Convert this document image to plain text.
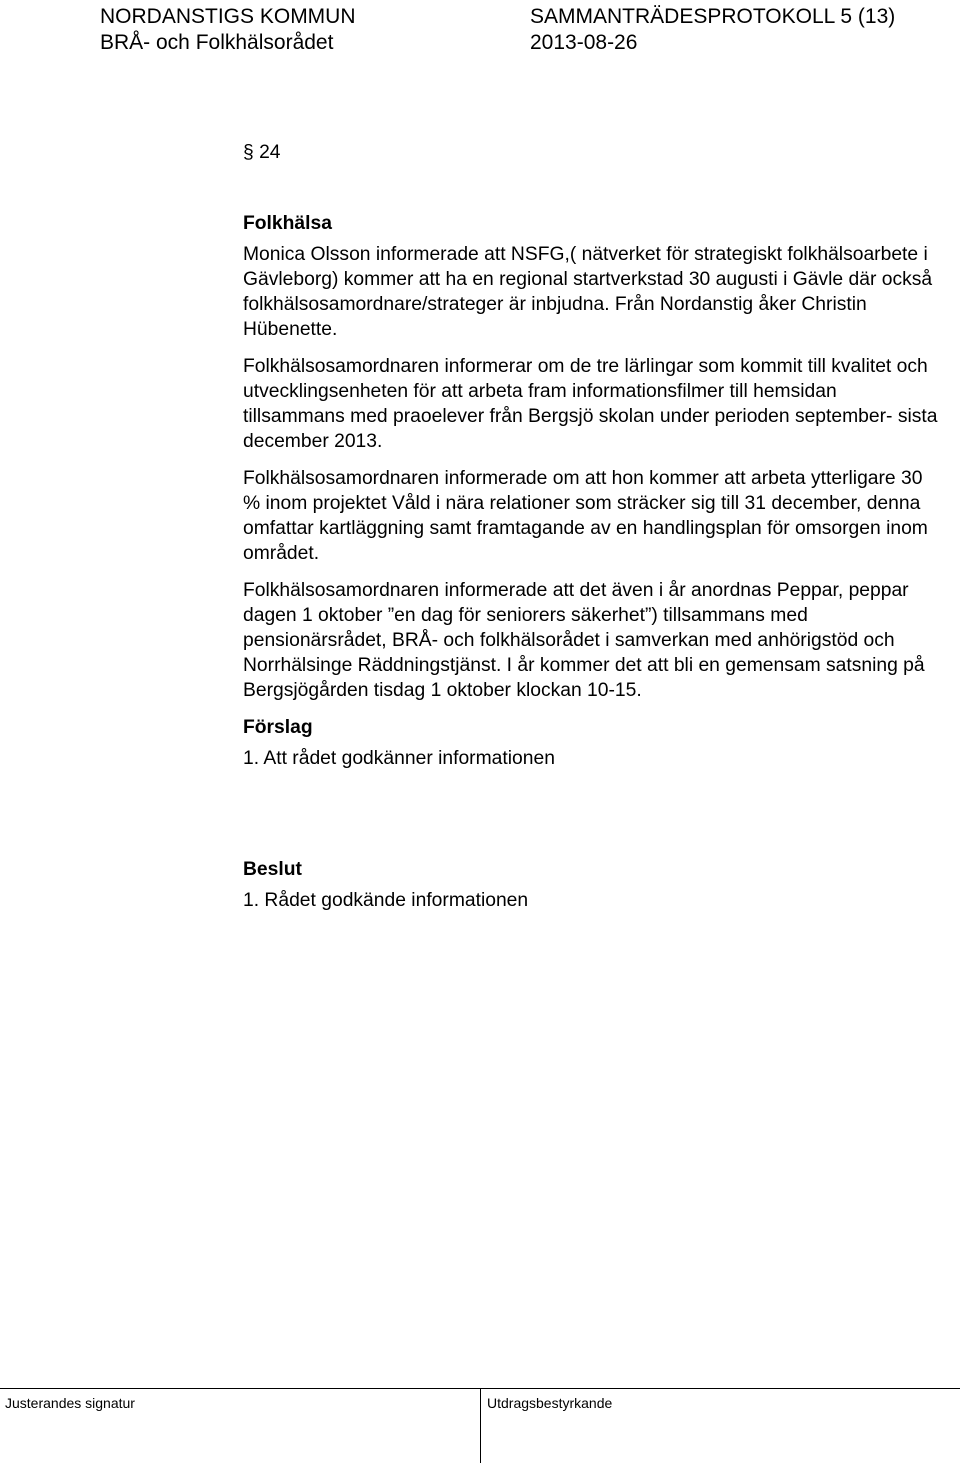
NORDANSTIGS KOMMUN
BRÅ- och Folkhälsorådet
SAMMANTRÄDESPROTOKOLL 5 (13)
2013-08-26
§ 24
Folkhälsa
Monica Olsson informerade att NSFG,( nätverket för strategiskt folkhälsoarbete i Gävleborg) kommer att ha en regional startverkstad 30 augusti i Gävle där också folkhälsosamordnare/strateger är inbjudna. Från Nordanstig åker Christin Hübenette.
Folkhälsosamordnaren informerar om de tre lärlingar som kommit till kvalitet och utvecklingsenheten för att arbeta fram informationsfilmer till hemsidan tillsammans med praoelever från Bergsjö skolan under perioden september- sista december 2013.
Folkhälsosamordnaren informerade om att hon kommer att arbeta ytterligare 30 % inom projektet Våld i nära relationer som sträcker sig till 31 december, denna omfattar kartläggning samt framtagande av en handlingsplan för omsorgen inom området.
Folkhälsosamordnaren informerade att det även i år anordnas Peppar, peppar dagen 1 oktober ”en dag för seniorers säkerhet”) tillsammans med pensionärsrådet, BRÅ- och folkhälsorådet i samverkan med anhörigstöd och Norrhälsinge Räddningstjänst. I år kommer det att bli en gemensam satsning på Bergsjögården tisdag 1 oktober klockan 10-15.
Förslag
1. Att rådet godkänner informationen
Beslut
1. Rådet godkände informationen
Justerandes signatur	Utdragsbestyrkande
